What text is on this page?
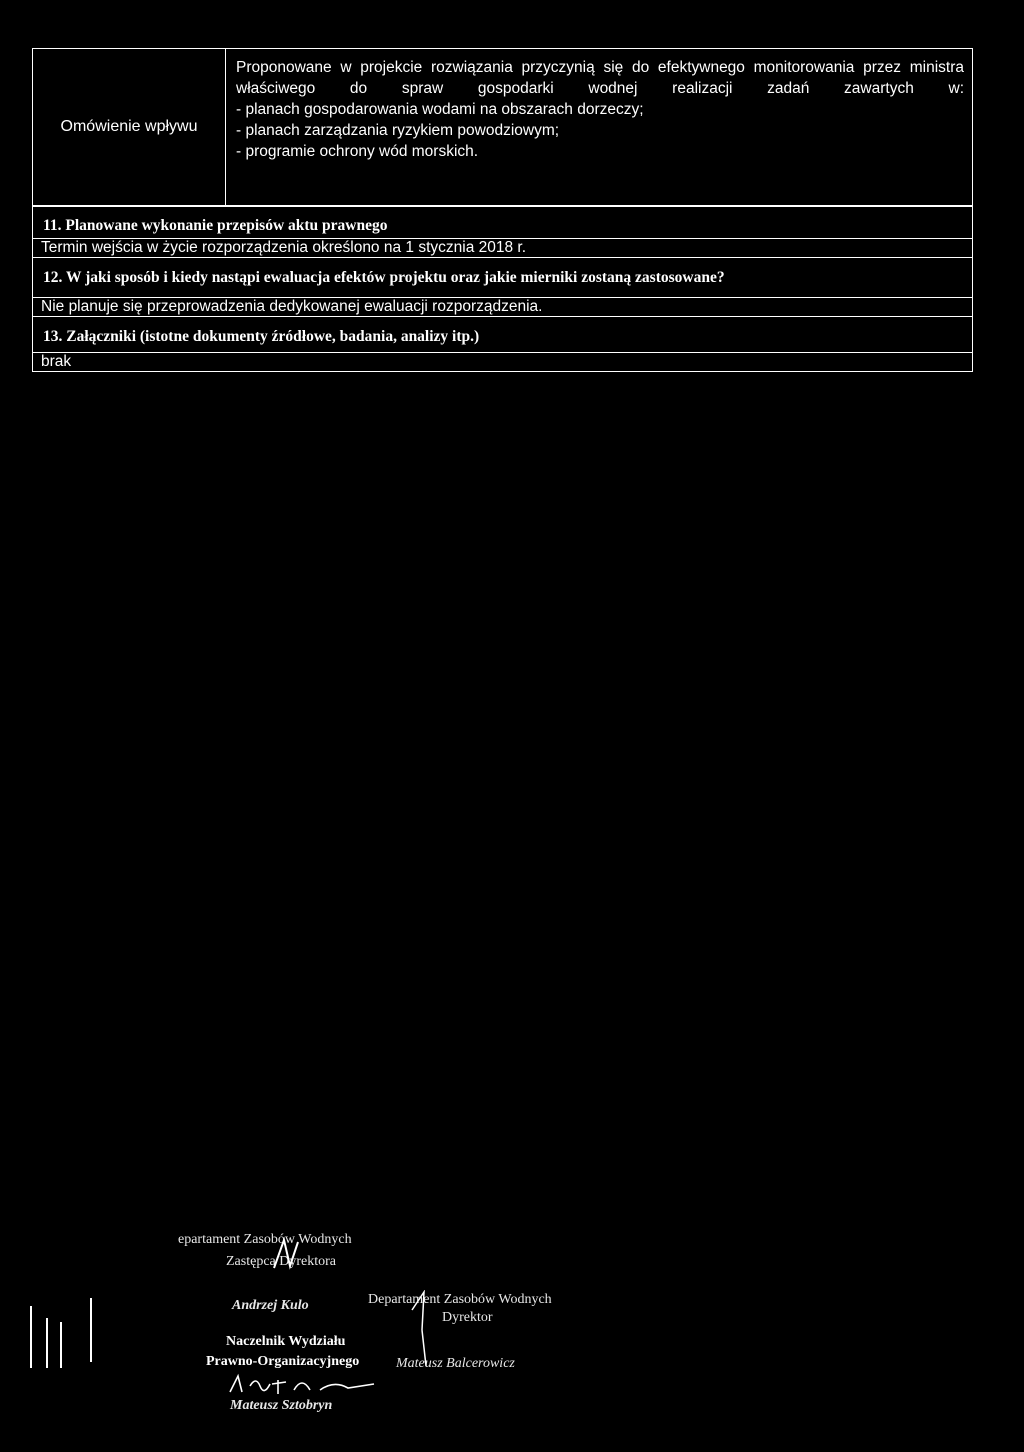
Omówienie wpływu
Proponowane w projekcie rozwiązania przyczynią się do efektywnego monitorowania przez ministra właściwego do spraw gospodarki wodnej realizacji zadań zawartych w:
- planach gospodarowania wodami na obszarach dorzeczy;
- planach zarządzania ryzykiem powodziowym;
- programie ochrony wód morskich.
11. Planowane wykonanie przepisów aktu prawnego
Termin wejścia w życie rozporządzenia określono na 1 stycznia 2018 r.
12. W jaki sposób i kiedy nastąpi ewaluacja efektów projektu oraz jakie mierniki zostaną zastosowane?
Nie planuje się przeprowadzenia dedykowanej ewaluacji rozporządzenia.
13. Załączniki (istotne dokumenty źródłowe, badania, analizy itp.)
brak
epartament Zasobów Wodnych
Zastępca Dyrektora
Andrzej Kulo	Departament Zasobów Wodnych
Dyrektor
Naczelnik Wydziału
Prawno-Organizacyjnego	Mateusz Balcerowicz
Mateusz Sztobryn
